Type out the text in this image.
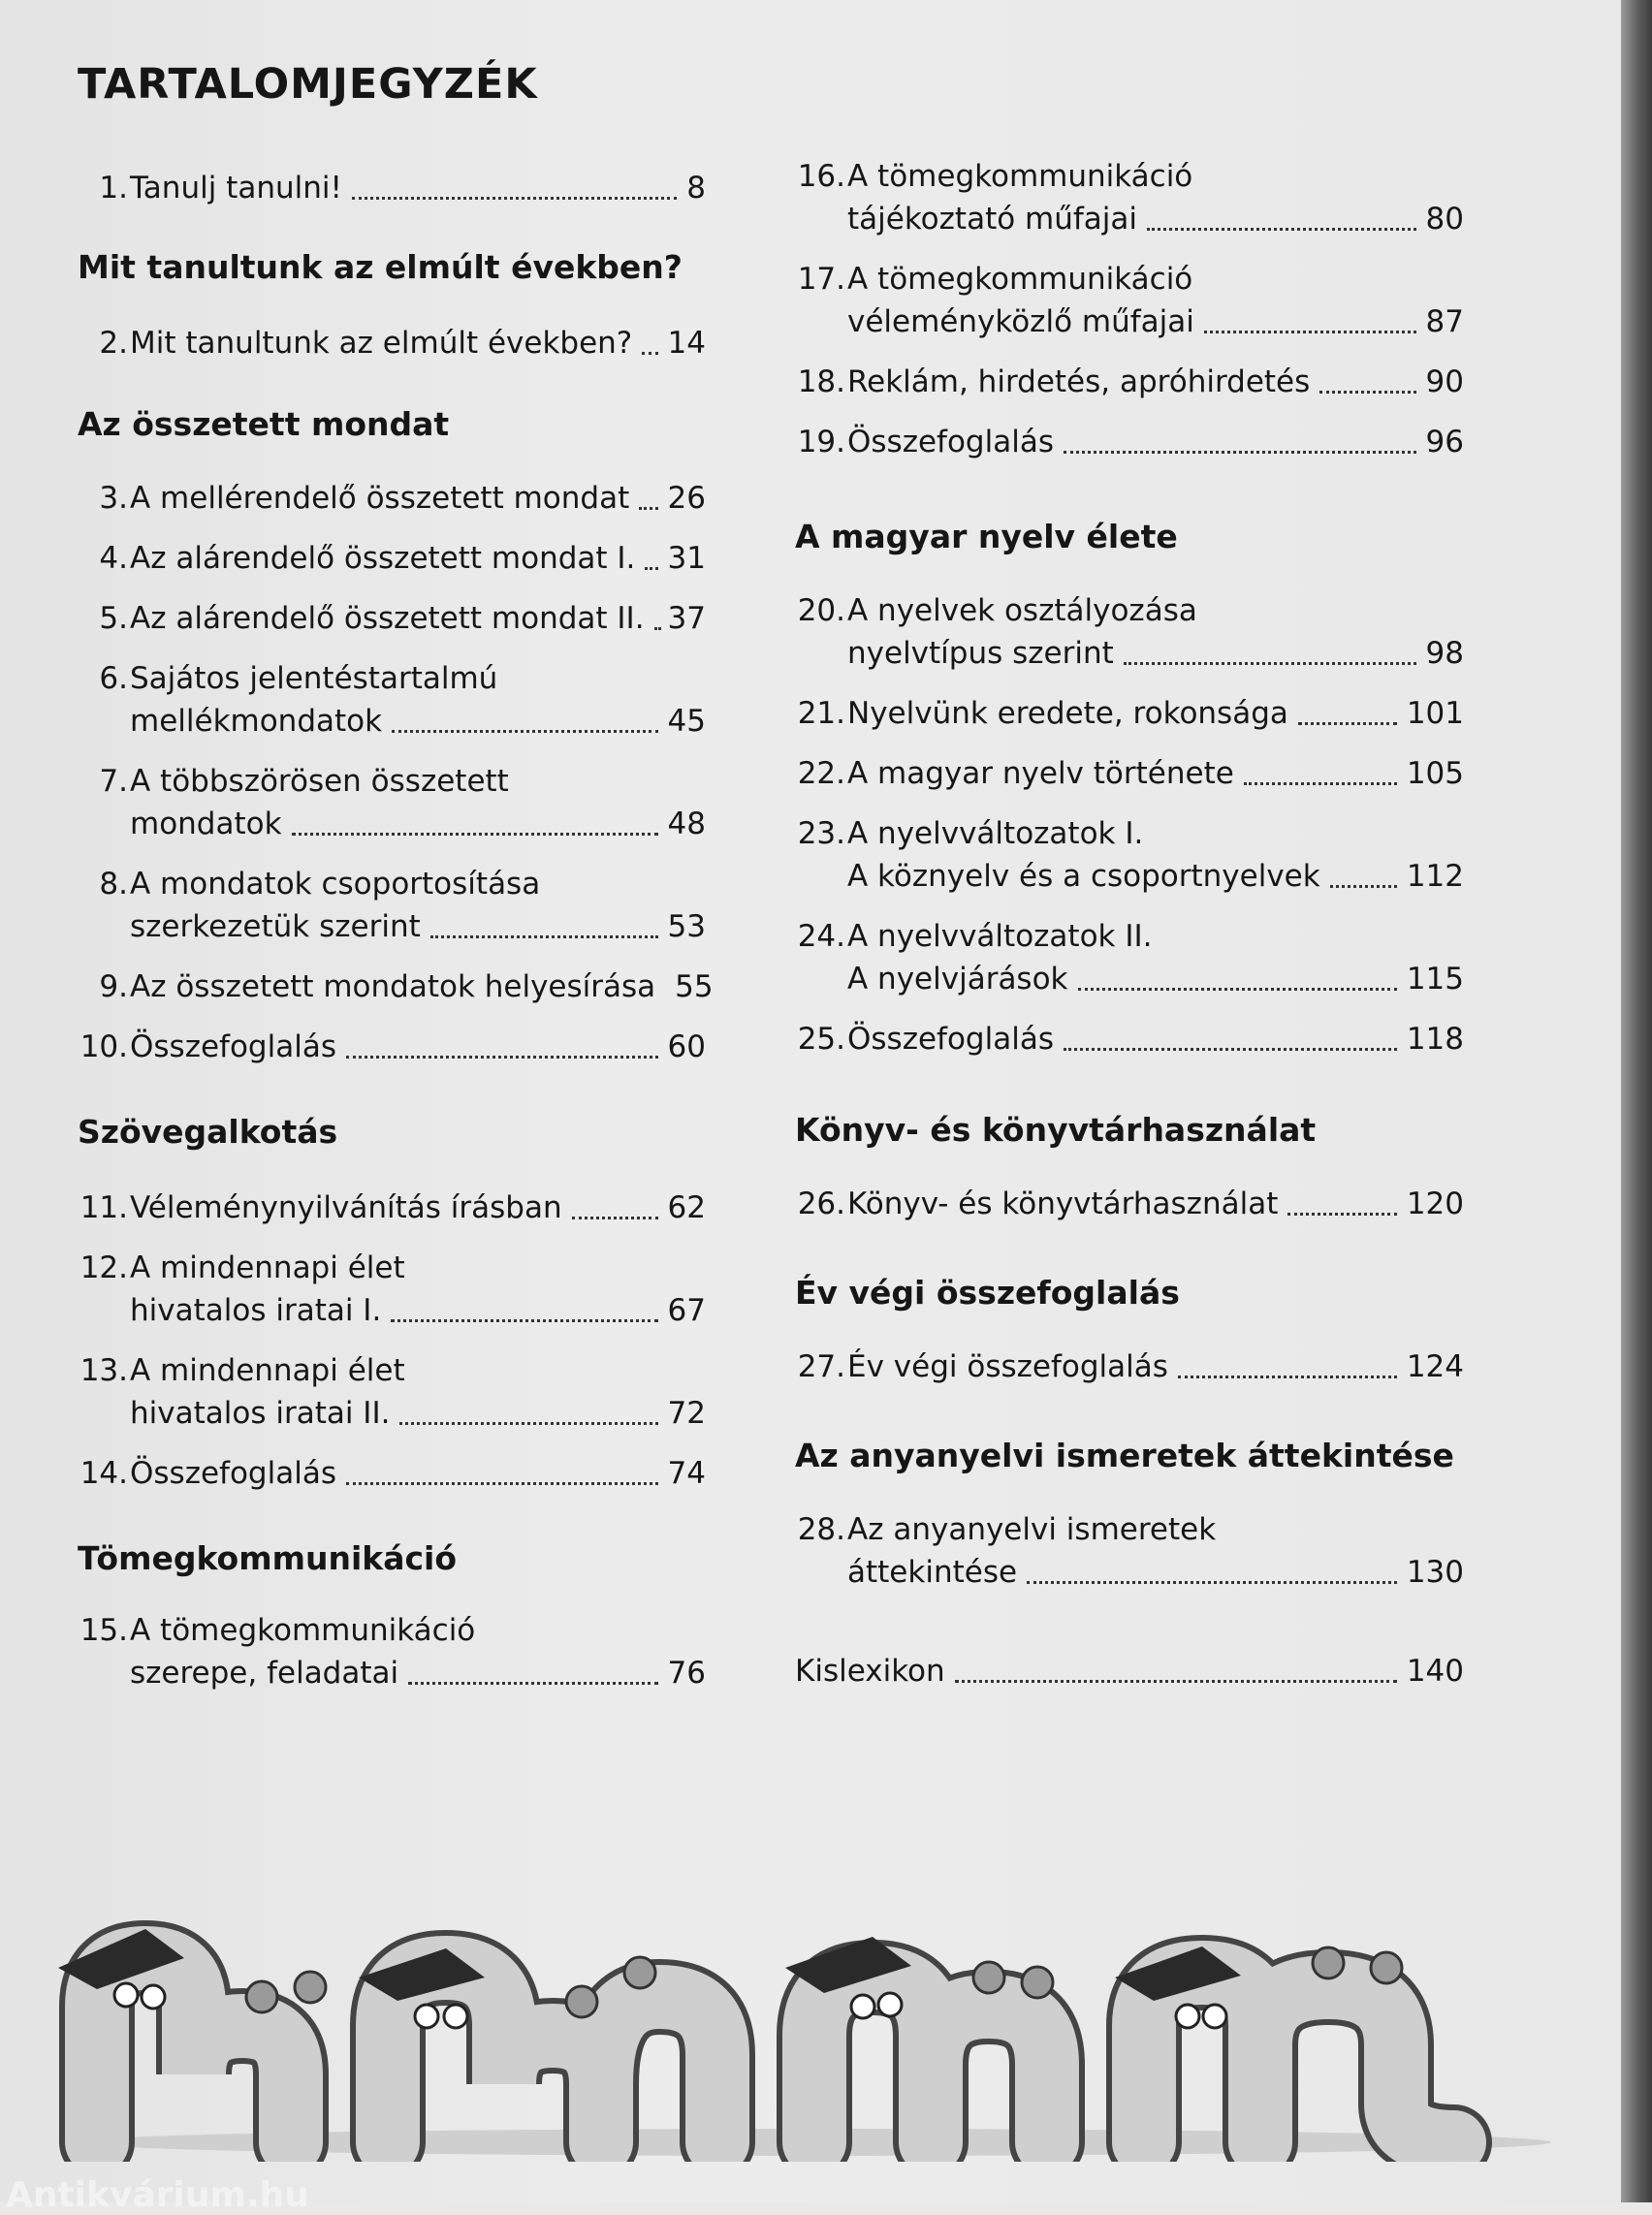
TARTALOMJEGYZÉK
1. Tanulj tanulni!	8
Mit tanultunk az elmúlt években?
2. Mit tanultunk az elmúlt években? 14
Az összetett mondat
3. A mellérendelő összetett mondat 26
4. Az alárendelő összetett mondat I. 31
5. Az alárendelő összetett mondat II. 37
6. Sajátos jelentéstartalmú
mellékmondatok	45
7. A többszörösen összetett
mondatok	48
8. A mondatok csoportosítása
szerkezetük szerint	53
9. Az összetett mondatok helyesírása 55
10. Összefoglalás	60
Szövegalkotás
11. Véleménynyilvánítás írásban	62
12. A mindennapi élet
hivatalos iratai I.	67
13. A mindennapi élet
hivatalos iratai II.	72
14. Összefoglalás	74
Tömegkommunikáció
15. A tömegkommunikáció
szerepe, feladatai	76
16. A tömegkommunikáció
tájékoztató műfajai	80
17. A tömegkommunikáció
véleményközlő műfajai	87
18. Reklám, hirdetés, apróhirdetés	90
19. Összefoglalás	96
A magyar nyelv élete
20. A nyelvek osztályozása
nyelvtípus szerint	98
21. Nyelvünk eredete, rokonsága	101
22. A magyar nyelv története	105
23. A nyelvváltozatok I.
A köznyelv és a csoportnyelvek	112
24. A nyelvváltozatok II.
A nyelvjárások	115
25. Összefoglalás	118
Könyv- és könyvtárhasználat
26. Könyv- és könyvtárhasználat	120
Év végi összefoglalás
27. Év végi összefoglalás	124
Az anyanyelvi ismeretek áttekintése
28. Az anyanyelvi ismeretek
áttekintése	130
Kislexikon	140

Antikvárium.hu
